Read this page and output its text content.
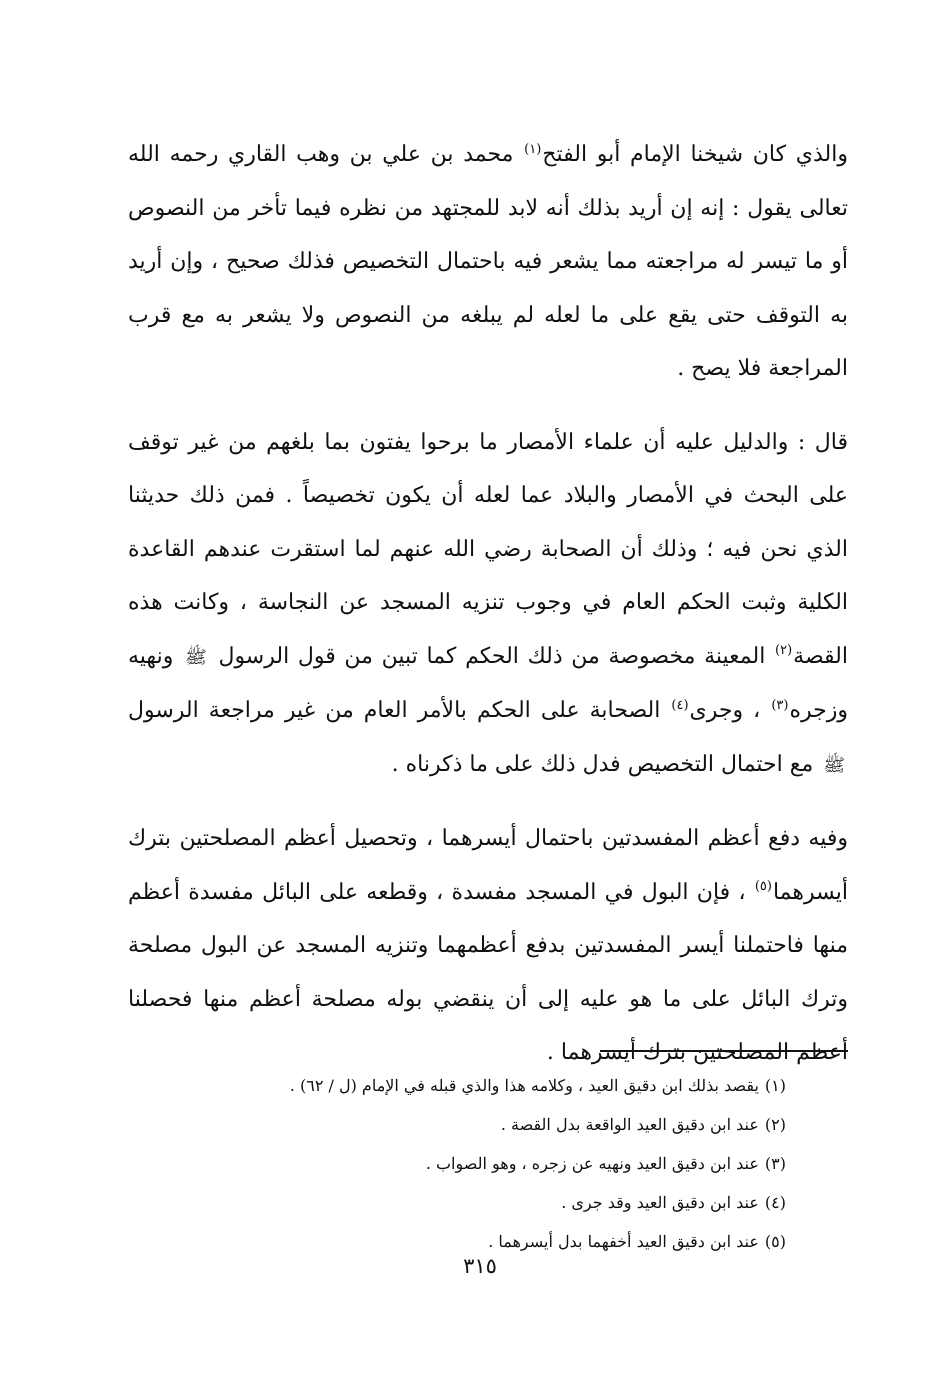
والذي كان شيخنا الإمام أبو الفتح$^{(١)}$ محمد بن علي بن وهب القاري رحمه الله تعالى يقول : إنه إن أريد بذلك أنه لابد للمجتهد من نظره فيما تأخر من النصوص أو ما تيسر له مراجعته مما يشعر فيه باحتمال التخصيص فذلك صحيح ، وإن أريد به التوقف حتى يقع على ما لعله لم يبلغه من النصوص ولا يشعر به مع قرب المراجعة فلا يصح .

قال : والدليل عليه أن علماء الأمصار ما برحوا يفتون بما بلغهم من غير توقف على البحث في الأمصار والبلاد عما لعله أن يكون تخصيصاً . فمن ذلك حديثنا الذي نحن فيه ؛ وذلك أن الصحابة رضي الله عنهم لما استقرت عندهم القاعدة الكلية وثبت الحكم العام في وجوب تنزيه المسجد عن النجاسة ، وكانت هذه القصة$^{(٢)}$ المعينة مخصوصة من ذلك الحكم كما تبين من قول الرسول ﷺ ونهيه وزجره$^{(٣)}$ ، وجرى$^{(٤)}$ الصحابة على الحكم بالأمر العام من غير مراجعة الرسول ﷺ مع احتمال التخصيص فدل ذلك على ما ذكرناه .

وفيه دفع أعظم المفسدتين باحتمال أيسرهما ، وتحصيل أعظم المصلحتين بترك أيسرهما$^{(٥)}$ ، فإن البول في المسجد مفسدة ، وقطعه على البائل مفسدة أعظم منها فاحتملنا أيسر المفسدتين بدفع أعظمهما وتنزيه المسجد عن البول مصلحة وترك البائل على ما هو عليه إلى أن ينقضي بوله مصلحة أعظم منها فحصلنا أعظم المصلحتين بترك أيسرهما .

(١)يقصد بذلك ابن دقيق العيد ، وكلامه هذا والذي قبله في الإمام (ل / ٦٢) .

(٢)عند ابن دقيق العيد الواقعة بدل القصة .

(٣)عند ابن دقيق العيد ونهيه عن زجره ، وهو الصواب .

(٤)عند ابن دقيق العيد وقد جرى .

(٥)عند ابن دقيق العيد أخفهما بدل أيسرهما .

٣١٥
